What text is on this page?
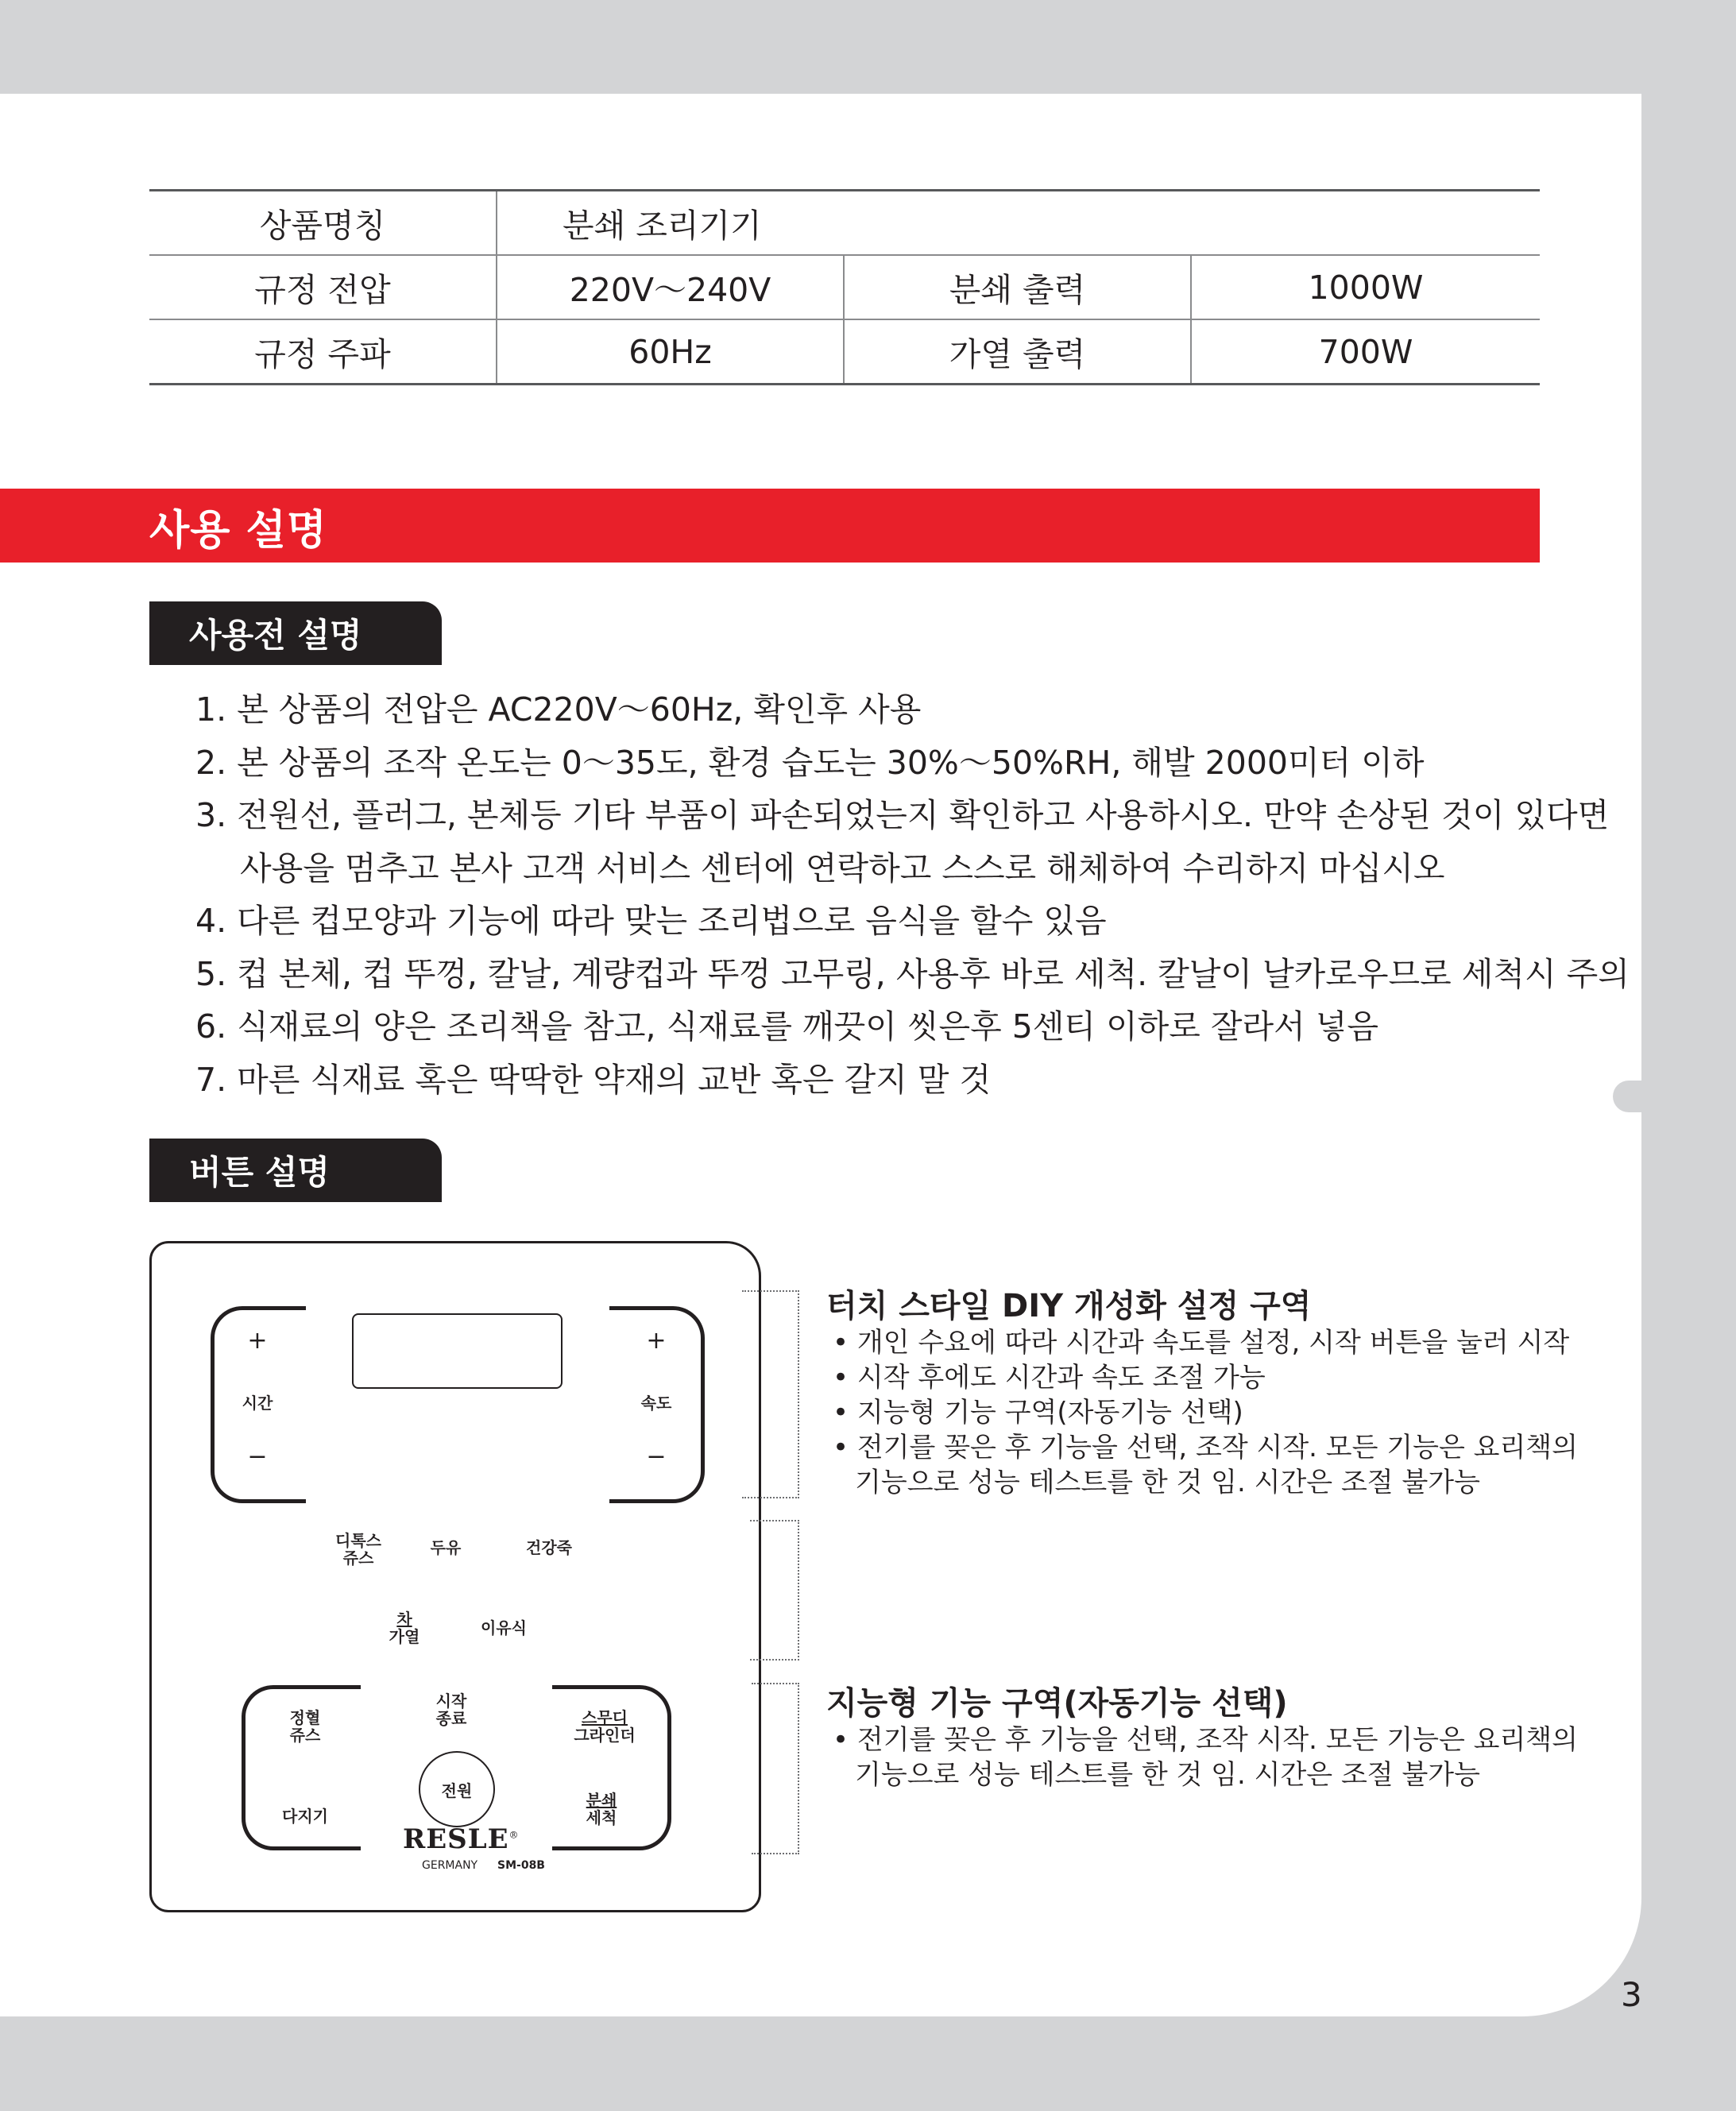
상품명칭	분쇄 조리기기		
규정 전압	220V～240V	분쇄 출력	1000W
규정 주파	60Hz	가열 출력	700W
사용 설명
사용전 설명
1. 본 상품의 전압은 AC220V～60Hz, 확인후 사용
2. 본 상품의 조작 온도는 0～35도, 환경 습도는 30%～50%RH, 해발 2000미터 이하
3. 전원선, 플러그, 본체등 기타 부품이 파손되었는지 확인하고 사용하시오. 만약 손상된 것이 있다면
사용을 멈추고 본사 고객 서비스 센터에 연락하고 스스로 해체하여 수리하지 마십시오
4. 다른 컵모양과 기능에 따라 맞는 조리법으로 음식을 할수 있음
5. 컵 본체, 컵 뚜껑, 칼날, 계량컵과 뚜껑 고무링, 사용후 바로 세척. 칼날이 날카로우므로 세척시 주의
6. 식재료의 양은 조리책을 참고, 식재료를 깨끗이 씻은후 5센티 이하로 잘라서 넣음
7. 마른 식재료 혹은 딱딱한 약재의 교반 혹은 갈지 말 것
버튼 설명
+
시간
−
+
속도
−
디톡스
쥬스
두유	건강죽
차
가열	이유식
정혈
쥬스
시작
종료	스무디
그라인더
전원
다지기
분쇄
세척
RESLE®
GERMANY SM-08B
터치 스타일 DIY 개성화 설정 구역
• 개인 수요에 따라 시간과 속도를 설정, 시작 버튼을 눌러 시작
• 시작 후에도 시간과 속도 조절 가능
• 지능형 기능 구역(자동기능 선택)
• 전기를 꽂은 후 기능을 선택, 조작 시작. 모든 기능은 요리책의
기능으로 성능 테스트를 한 것 임. 시간은 조절 불가능
지능형 기능 구역(자동기능 선택)
• 전기를 꽂은 후 기능을 선택, 조작 시작. 모든 기능은 요리책의
기능으로 성능 테스트를 한 것 임. 시간은 조절 불가능
3
